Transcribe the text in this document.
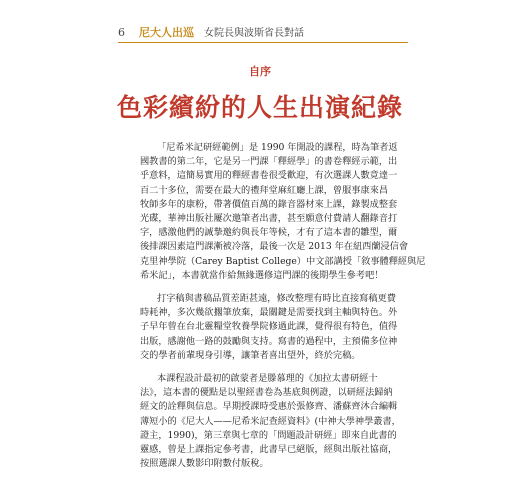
6 尼大人出巡 女院長與波斯省長對話
自序
色彩繽紛的人生出演紀錄

「尼希米記研經範例」是 1990 年開設的課程，時為筆者返
國教書的第二年，它是另一門課「釋經學」的書卷釋經示範，出
乎意料，這簡易實用的釋經書卷很受歡迎，有次選課人數竟達一
百二十多位，需要在最大的禮拜堂麻紅廳上課，曾服事康來昌
牧師多年的康粉，帶著價值百萬的錄音器材來上課，錄製成整套
光碟，華神出版社屢次邀筆者出書，甚至願意付費請人翻錄音打
字，感激他們的誠摯邀約與長年等候，才有了這本書的雛型，爾
後排課因素這門課漸被冷落，最後一次是 2013 年在紐西蘭浸信會
克里神學院（Carey Baptist College）中文部講授「敘事體釋經與尼
希米記」，本書就當作給無緣選修這門課的後期學生參考吧！

打字稿與書稿品質差距甚遠，修改整理有時比直接寫稿更費
時耗神，多次幾欲擱筆放棄，最關鍵是需要找到主軸與特色。外
子早年曾在台北靈糧堂牧養學院修過此課，覺得很有特色，值得
出版，感謝他一路的鼓勵與支持。寫書的過程中，主預備多位神
交的學者前輩現身引導，讓筆者喜出望外，終於完稿。

本課程設計最初的啟蒙者是滕慕理的《加拉太書研經十
法》，這本書的優點是以聖經書卷為基底與例證，以研經法歸納
經文的詮釋與信息。早期授課時受惠於張修齊、潘蘇齊沐合編輯
薄短小的《尼大人——尼希米記查經資料》(中神大學神學叢書，
證主，1990)，第三章與七章的「問題設計研經」即來自此書的
靈感，曾是上課指定參考書，此書早已絕版，經與出版社協商，
按照選課人數影印附數付版稅。
